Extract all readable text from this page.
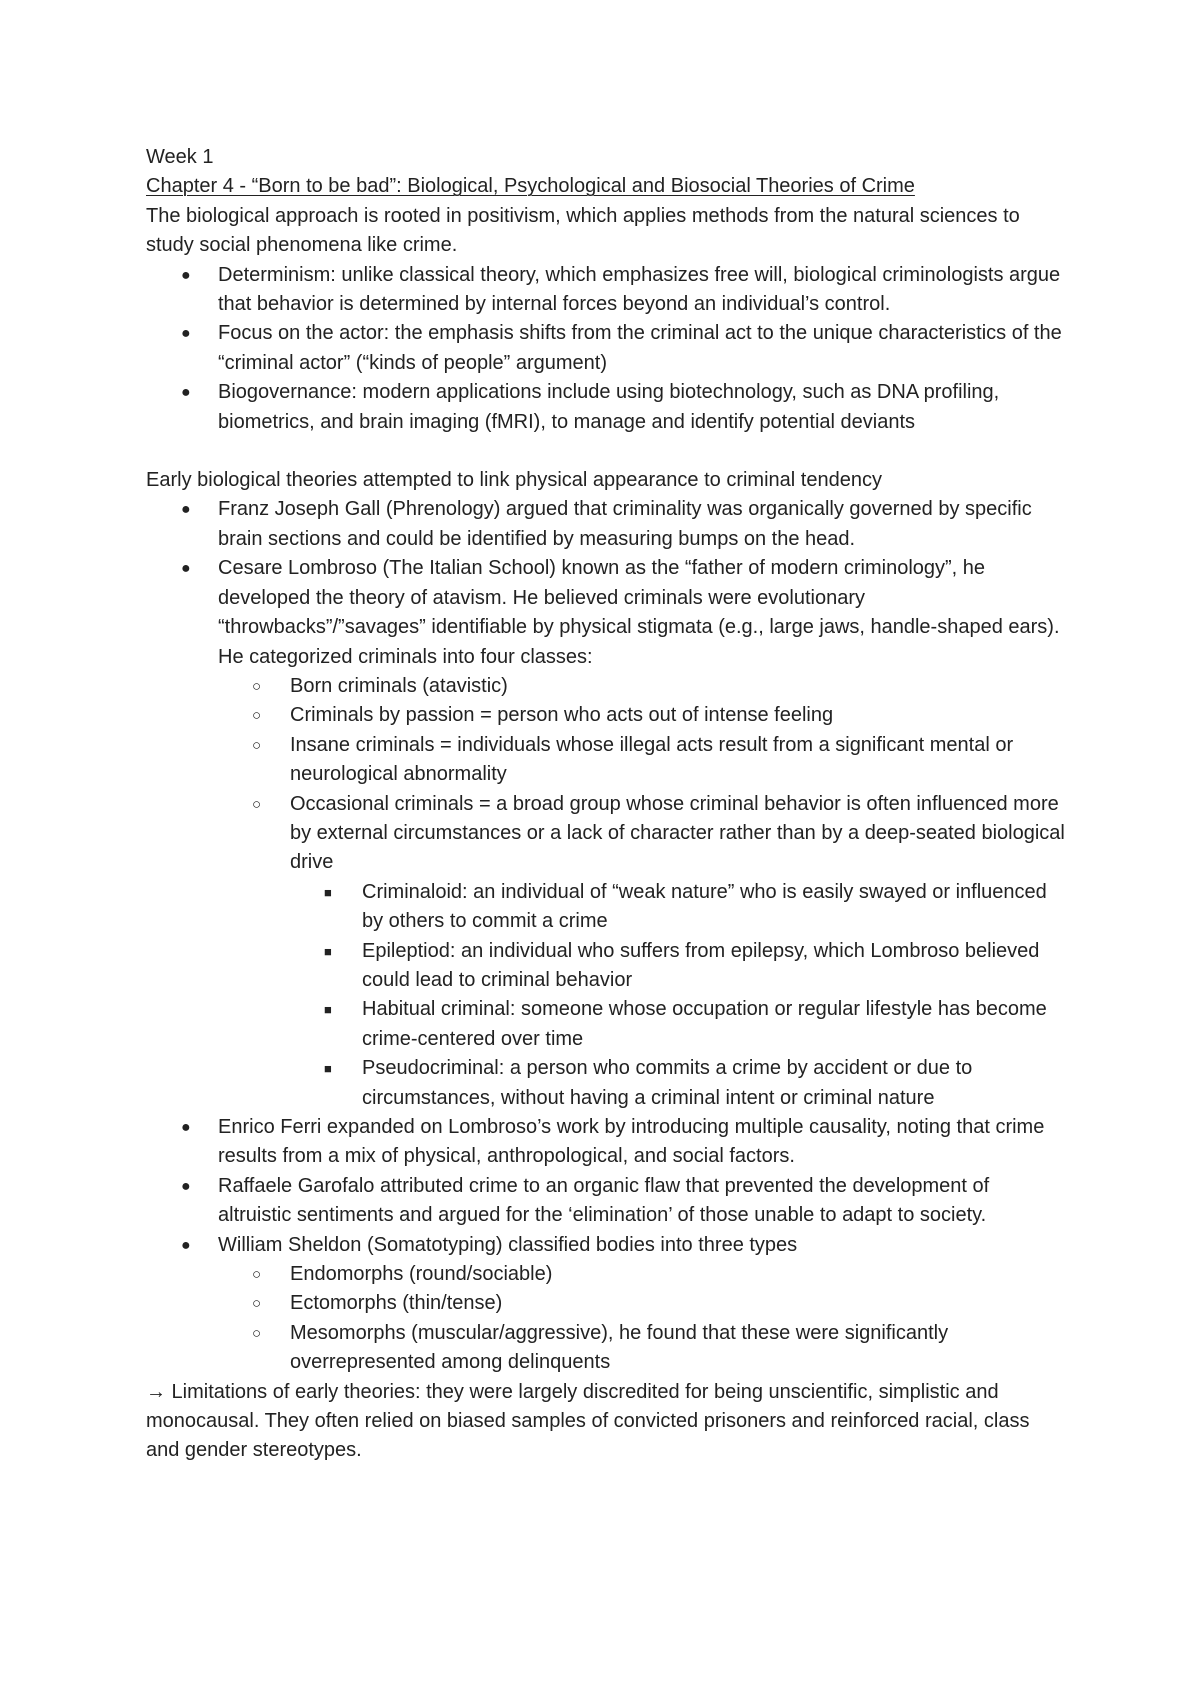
Week 1

Chapter 4 - “Born to be bad”: Biological, Psychological and Biosocial Theories of Crime

The biological approach is rooted in positivism, which applies methods from the natural sciences to study social phenomena like crime.

● Determinism: unlike classical theory, which emphasizes free will, biological criminologists argue that behavior is determined by internal forces beyond an individual’s control.
● Focus on the actor: the emphasis shifts from the criminal act to the unique characteristics of the “criminal actor” (“kinds of people” argument)
● Biogovernance: modern applications include using biotechnology, such as DNA profiling, biometrics, and brain imaging (fMRI), to manage and identify potential deviants

Early biological theories attempted to link physical appearance to criminal tendency

● Franz Joseph Gall (Phrenology) argued that criminality was organically governed by specific brain sections and could be identified by measuring bumps on the head.
● Cesare Lombroso (The Italian School) known as the “father of modern criminology”, he developed the theory of atavism. He believed criminals were evolutionary “throwbacks”/”savages” identifiable by physical stigmata (e.g., large jaws, handle-shaped ears). He categorized criminals into four classes:
○ Born criminals (atavistic)
○ Criminals by passion = person who acts out of intense feeling
○ Insane criminals = individuals whose illegal acts result from a significant mental or neurological abnormality
○ Occasional criminals = a broad group whose criminal behavior is often influenced more by external circumstances or a lack of character rather than by a deep-seated biological drive
■ Criminaloid: an individual of “weak nature” who is easily swayed or influenced by others to commit a crime
■ Epileptiod: an individual who suffers from epilepsy, which Lombroso believed could lead to criminal behavior
■ Habitual criminal: someone whose occupation or regular lifestyle has become crime-centered over time
■ Pseudocriminal: a person who commits a crime by accident or due to circumstances, without having a criminal intent or criminal nature
● Enrico Ferri expanded on Lombroso’s work by introducing multiple causality, noting that crime results from a mix of physical, anthropological, and social factors.
● Raffaele Garofalo attributed crime to an organic flaw that prevented the development of altruistic sentiments and argued for the ‘elimination’ of those unable to adapt to society.
● William Sheldon (Somatotyping) classified bodies into three types
○ Endomorphs (round/sociable)
○ Ectomorphs (thin/tense)
○ Mesomorphs (muscular/aggressive), he found that these were significantly overrepresented among delinquents

→ Limitations of early theories: they were largely discredited for being unscientific, simplistic and monocausal. They often relied on biased samples of convicted prisoners and reinforced racial, class and gender stereotypes.
